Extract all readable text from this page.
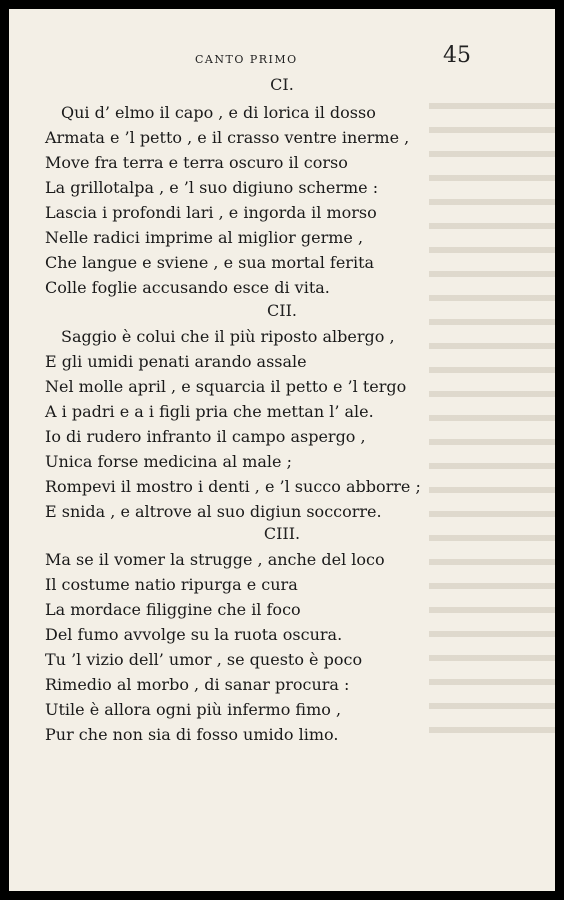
CANTO PRIMO	45
CI.
Qui d’ elmo il capo , e di lorica il dosso
Armata e ’l petto , e il crasso ventre inerme ,
Move fra terra e terra oscuro il corso
La grillotalpa , e ’l suo digiuno scherme :
Lascia i profondi lari , e ingorda il morso
Nelle radici imprime al miglior germe ,
Che langue e sviene , e sua mortal ferita
Colle foglie accusando esce di vita.
CII.
Saggio è colui che il più riposto albergo ,
E gli umidi penati arando assale
Nel molle april , e squarcia il petto e ’l tergo
A i padri e a i figli pria che mettan l’ ale.
Io di rudero infranto il campo aspergo ,
Unica forse medicina al male ;
Rompevi il mostro i denti , e ’l succo abborre ;
E snida , e altrove al suo digiun soccorre.
CIII.
Ma se il vomer la strugge , anche del loco
Il costume natio ripurga e cura
La mordace filiggine che il foco
Del fumo avvolge su la ruota oscura.
Tu ’l vizio dell’ umor , se questo è poco
Rimedio al morbo , di sanar procura :
Utile è allora ogni più infermo fimo ,
Pur che non sia di fosso umido limo.
